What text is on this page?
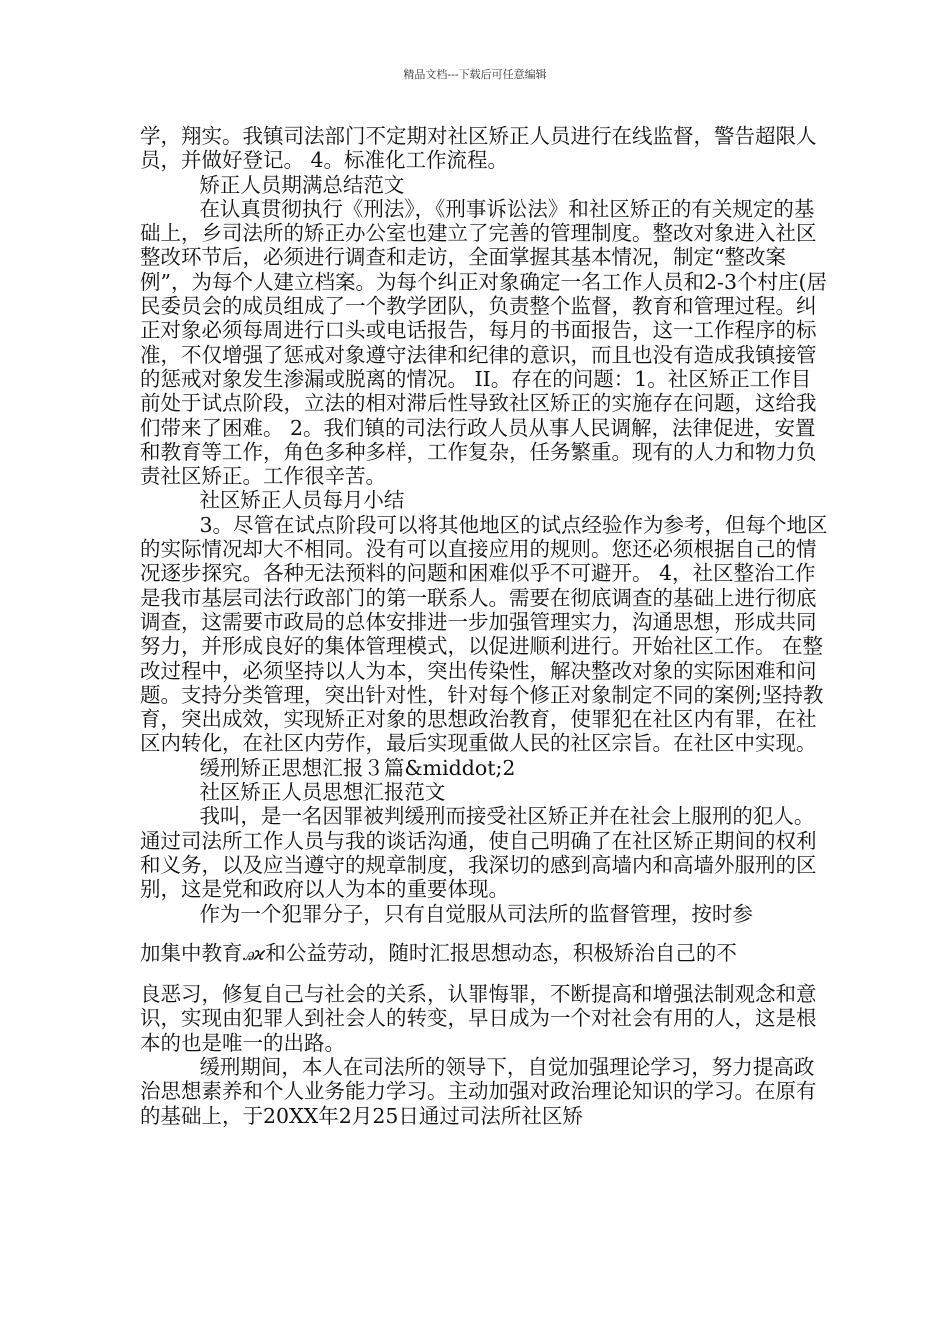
精品文档---下载后可任意编辑

学，翔实。我镇司法部门不定期对社区矫正人员进行在线监督，警告超限人员，并做好登记。 4。标准化工作流程。

矫正人员期满总结范文

在认真贯彻执行《刑法》，《刑事诉讼法》和社区矫正的有关规定的基础上，乡司法所的矫正办公室也建立了完善的管理制度。整改对象进入社区整改环节后，必须进行调查和走访，全面掌握其基本情况，制定“整改案例”，为每个人建立档案。为每个纠正对象确定一名工作人员和2-3个村庄(居民委员会的成员组成了一个教学团队，负责整个监督，教育和管理过程。纠正对象必须每周进行口头或电话报告，每月的书面报告，这一工作程序的标准，不仅增强了惩戒对象遵守法律和纪律的意识，而且也没有造成我镇接管的惩戒对象发生渗漏或脱离的情况。 II。存在的问题：1。社区矫正工作目前处于试点阶段，立法的相对滞后性导致社区矫正的实施存在问题，这给我们带来了困难。 2。我们镇的司法行政人员从事人民调解，法律促进，安置和教育等工作，角色多种多样，工作复杂，任务繁重。现有的人力和物力负责社区矫正。工作很辛苦。

社区矫正人员每月小结

3。尽管在试点阶段可以将其他地区的试点经验作为参考，但每个地区的实际情况却大不相同。没有可以直接应用的规则。您还必须根据自己的情况逐步探究。各种无法预料的问题和困难似乎不可避开。 4，社区整治工作是我市基层司法行政部门的第一联系人。需要在彻底调查的基础上进行彻底调查，这需要市政局的总体安排进一步加强管理实力，沟通思想，形成共同努力，并形成良好的集体管理模式，以促进顺利进行。开始社区工作。 在整改过程中，必须坚持以人为本，突出传染性，解决整改对象的实际困难和问题。支持分类管理，突出针对性，针对每个修正对象制定不同的案例;坚持教育，突出成效，实现矫正对象的思想政治教育，使罪犯在社区内有罪，在社区内转化，在社区内劳作，最后实现重做人民的社区宗旨。在社区中实现。

缓刑矫正思想汇报３篇&middot;2

社区矫正人员思想汇报范文

我叫，是一名因罪被判缓刑而接受社区矫正并在社会上服刑的犯人。通过司法所工作人员与我的谈话沟通，使自己明确了在社区矫正期间的权利和义务，以及应当遵守的规章制度，我深切的感到高墙内和高墙外服刑的区别，这是党和政府以人为本的重要体现。

作为一个犯罪分子，只有自觉服从司法所的监督管理，按时参

加集中教育ꭿϰ和公益劳动，随时汇报思想动态，积极矫治自己的不

良恶习，修复自己与社会的关系，认罪悔罪，不断提高和增强法制观念和意识，实现由犯罪人到社会人的转变，早日成为一个对社会有用的人，这是根本的也是唯一的出路。

缓刑期间，本人在司法所的领导下，自觉加强理论学习，努力提高政治思想素养和个人业务能力学习。主动加强对政治理论知识的学习。在原有的基础上，于20XX年2月25日通过司法所社区矫
